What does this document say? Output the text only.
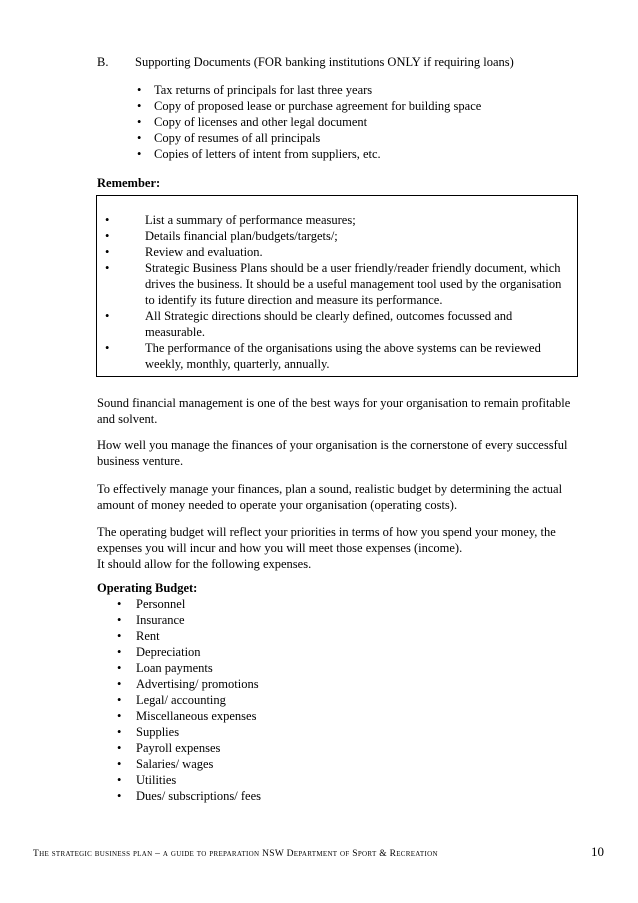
B. Supporting Documents (FOR banking institutions ONLY if requiring loans)
• Tax returns of principals for last three years
• Copy of proposed lease or purchase agreement for building space
• Copy of licenses and other legal document
• Copy of resumes of all principals
• Copies of letters of intent from suppliers, etc.
Remember:
•	List a summary of performance measures;
•	Details financial plan/budgets/targets/;
•	Review and evaluation.
•	Strategic Business Plans should be a user friendly/reader friendly document, which drives the business. It should be a useful management tool used by the organisation to identify its future direction and measure its performance.
•	All Strategic directions should be clearly defined, outcomes focussed and measurable.
•	The performance of the organisations using the above systems can be reviewed weekly, monthly, quarterly, annually.
Sound financial management is one of the best ways for your organisation to remain profitable and solvent.
How well you manage the finances of your organisation is the cornerstone of every successful business venture.
To effectively manage your finances, plan a sound, realistic budget by determining the actual amount of money needed to operate your organisation (operating costs).
The operating budget will reflect your priorities in terms of how you spend your money, the expenses you will incur and how you will meet those expenses (income).
It should allow for the following expenses.
Operating Budget:
• Personnel
• Insurance
• Rent
• Depreciation
• Loan payments
• Advertising/ promotions
• Legal/ accounting
• Miscellaneous expenses
• Supplies
• Payroll expenses
• Salaries/ wages
• Utilities
• Dues/ subscriptions/ fees
The strategic business plan – a guide to preparation NSW Department of Sport & Recreation	10
